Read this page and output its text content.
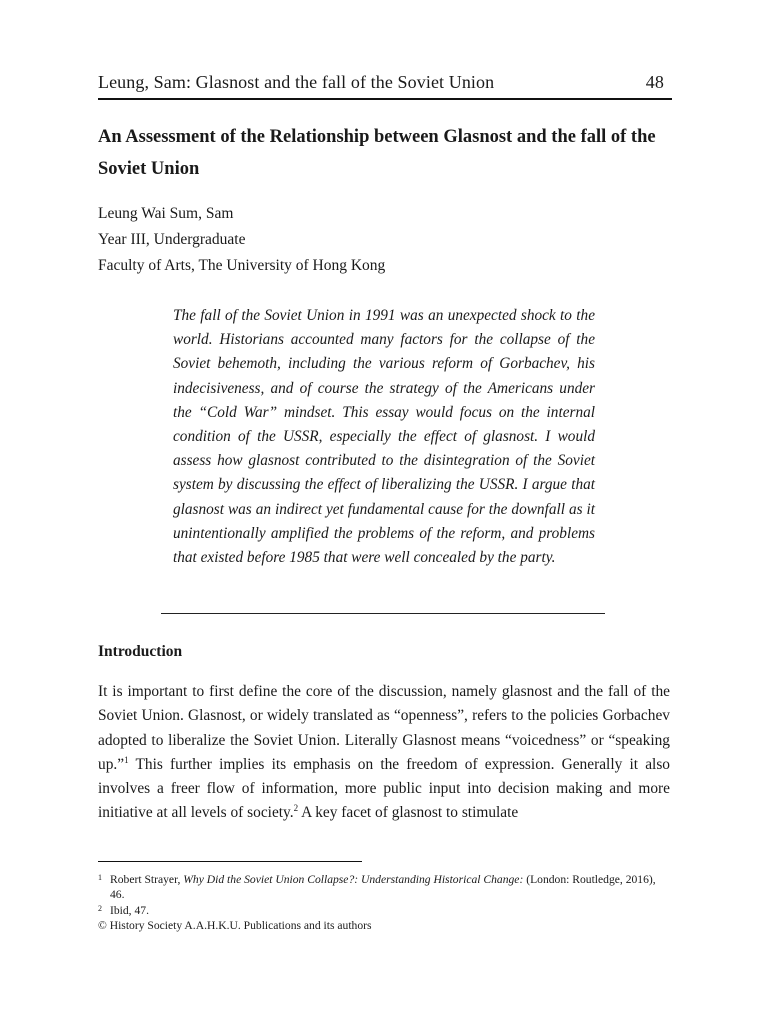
Leung, Sam: Glasnost and the fall of the Soviet Union	48
An Assessment of the Relationship between Glasnost and the fall of the Soviet Union
Leung Wai Sum, Sam
Year III, Undergraduate
Faculty of Arts, The University of Hong Kong

The fall of the Soviet Union in 1991 was an unexpected shock to the world. Historians accounted many factors for the collapse of the Soviet behemoth, including the various reform of Gorbachev, his indecisiveness, and of course the strategy of the Americans under the “Cold War” mindset. This essay would focus on the internal condition of the USSR, especially the effect of glasnost. I would assess how glasnost contributed to the disintegration of the Soviet system by discussing the effect of liberalizing the USSR. I argue that glasnost was an indirect yet fundamental cause for the downfall as it unintentionally amplified the problems of the reform, and problems that existed before 1985 that were well concealed by the party.

Introduction

It is important to first define the core of the discussion, namely glasnost and the fall of the Soviet Union. Glasnost, or widely translated as “openness”, refers to the policies Gorbachev adopted to liberalize the Soviet Union. Literally Glasnost means “voicedness” or “speaking up.”$^1$ This further implies its emphasis on the freedom of expression. Generally it also involves a freer flow of information, more public input into decision making and more initiative at all levels of society.$^2$ A key facet of glasnost to stimulate

1 Robert Strayer, Why Did the Soviet Union Collapse?: Understanding Historical Change: (London: Routledge, 2016), 46.
2 Ibid, 47.
© History Society A.A.H.K.U. Publications and its authors
